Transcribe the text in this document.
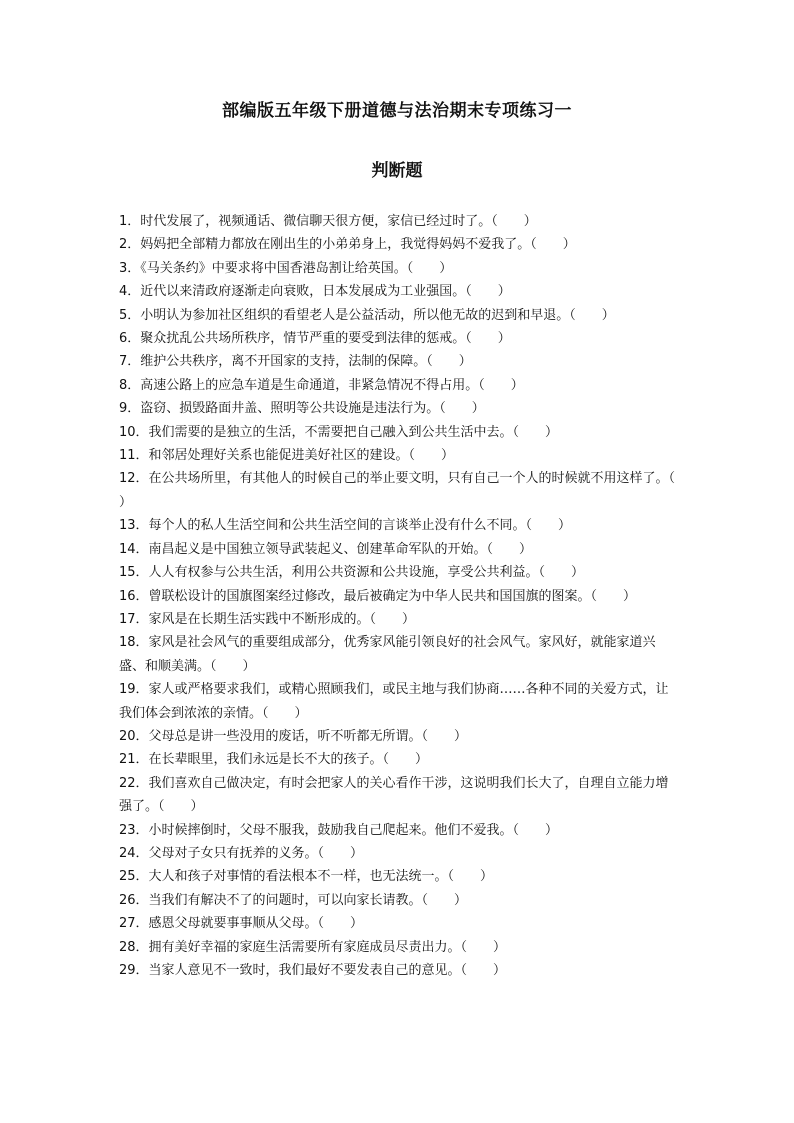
部编版五年级下册道德与法治期末专项练习一
判断题
1．时代发展了，视频通话、微信聊天很方便，家信已经过时了。（　　）
2．妈妈把全部精力都放在刚出生的小弟弟身上，我觉得妈妈不爱我了。（　　）
3．《马关条约》中要求将中国香港岛割让给英国。（　　）
4．近代以来清政府逐渐走向衰败，日本发展成为工业强国。（　　）
5．小明认为参加社区组织的看望老人是公益活动，所以他无故的迟到和早退。（　　）
6．聚众扰乱公共场所秩序，情节严重的要受到法律的惩戒。（　　）
7．维护公共秩序，离不开国家的支持，法制的保障。（　　）
8．高速公路上的应急车道是生命通道，非紧急情况不得占用。（　　）
9．盗窃、损毁路面井盖、照明等公共设施是违法行为。（　　）
10．我们需要的是独立的生活，不需要把自己融入到公共生活中去。（　　）
11．和邻居处理好关系也能促进美好社区的建设。（　　）
12．在公共场所里，有其他人的时候自己的举止要文明，只有自己一个人的时候就不用这样了。（　　）
13．每个人的私人生活空间和公共生活空间的言谈举止没有什么不同。（　　）
14．南昌起义是中国独立领导武装起义、创建革命军队的开始。（　　）
15．人人有权参与公共生活，利用公共资源和公共设施，享受公共利益。（　　）
16．曾联松设计的国旗图案经过修改，最后被确定为中华人民共和国国旗的图案。（　　）
17．家风是在长期生活实践中不断形成的。（　　）
18．家风是社会风气的重要组成部分，优秀家风能引领良好的社会风气。家风好，就能家道兴盛、和顺美满。（　　）
19．家人或严格要求我们，或精心照顾我们，或民主地与我们协商……各种不同的关爱方式，让我们体会到浓浓的亲情。（　　）
20．父母总是讲一些没用的废话，听不听都无所谓。（　　）
21．在长辈眼里，我们永远是长不大的孩子。（　　）
22．我们喜欢自己做决定，有时会把家人的关心看作干涉，这说明我们长大了，自理自立能力增强了。（　　）
23．小时候摔倒时，父母不服我，鼓励我自己爬起来。他们不爱我。（　　）
24．父母对子女只有抚养的义务。（　　）
25．大人和孩子对事情的看法根本不一样，也无法统一。（　　）
26．当我们有解决不了的问题时，可以向家长请教。（　　）
27．感恩父母就要事事顺从父母。（　　）
28．拥有美好幸福的家庭生活需要所有家庭成员尽责出力。（　　）
29．当家人意见不一致时，我们最好不要发表自己的意见。（　　）
